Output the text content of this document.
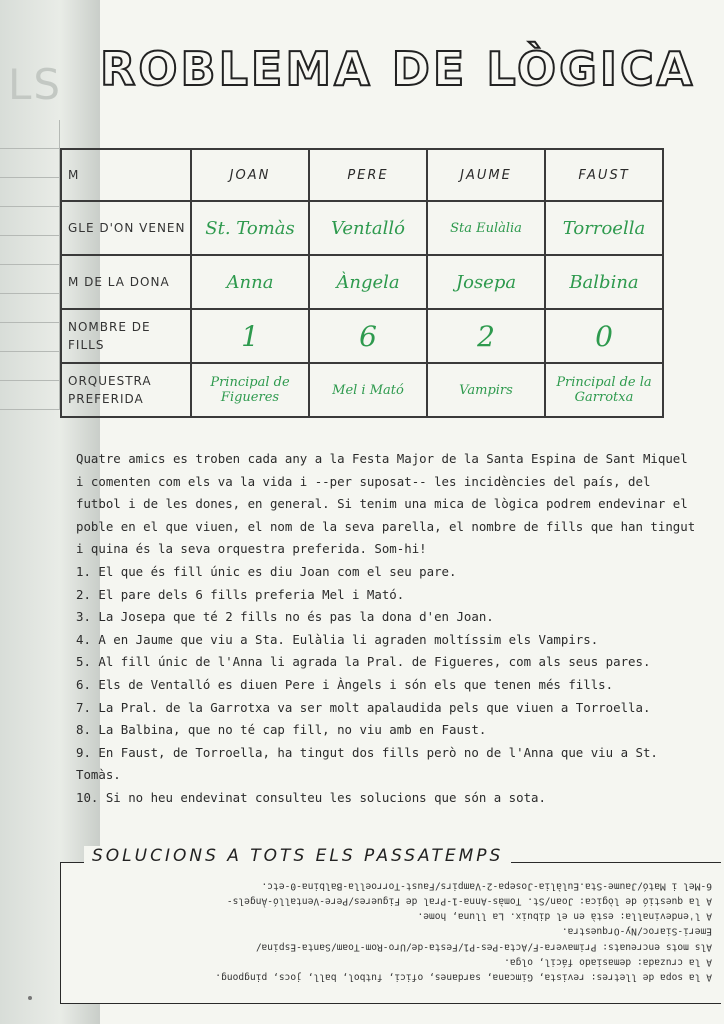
LS ROBLEMA DE LÒGICA
M	JOAN	PERE	JAUME	FAUST
GLE D'ON VENEN	St. Tomàs	Ventalló	Sta Eulàlia	Torroella
M DE LA DONA	Anna	Àngela	Josepa	Balbina
NOMBRE DE FILLS	1	6	2	0
ORQUESTRA PREFERIDA	Principal de Figueres	Mel i Mató	Vampirs	Principal de la Garrotxa

Quatre amics es troben cada any a la Festa Major de la Santa Espina de Sant Miquel i comenten com els va la vida i --per suposat-- les incidències del país, del futbol i de les dones, en general. Si tenim una mica de lògica podrem endevinar el poble en el que viuen, el nom de la seva parella, el nombre de fills que han tingut i quina és la seva orquestra preferida. Som-hi!

1. El que és fill únic es diu Joan com el seu pare.
2. El pare dels 6 fills preferia Mel i Mató.
3. La Josepa que té 2 fills no és pas la dona d'en Joan.
4. A en Jaume que viu a Sta. Eulàlia li agraden moltíssim els Vampirs.
5. Al fill únic de l'Anna li agrada la Pral. de Figueres, com als seus pares.
6. Els de Ventalló es diuen Pere i Àngels i són els que tenen més fills.
7. La Pral. de la Garrotxa va ser molt apalaudida pels que viuen a Torroella.
8. La Balbina, que no té cap fill, no viu amb en Faust.
9. En Faust, de Torroella, ha tingut dos fills però no de l'Anna que viu a St. Tomàs.
10. Si no heu endevinat consulteu les solucions que són a sota.
SOLUCIONS A TOTS ELS PASSATEMPS
A la sopa de lletres: revista, Gimcana, sardanes, ofici, futbol, ball, jocs, pingpong.
A la cruzada: demasiado fácil, olga.
Als mots encreuats: Primavera-F/Acta-Pes-P1/Festa-de/Uro-Rom-Toam/Santa-Espina/
Emeri-Siaroc/Ny-Orquestra.
A l'endevinalla: està en el dibuix. La lluna, home.
A la questió de lògica: Joan/St. Tomàs-Anna-1-Pral de Figueres/Pere-Ventalló-Àngels-
6-Mel i Mató/Jaume-Sta.Eulàlia-Josepa-2-Vampirs/Faust-Torroella-Balbina-0-etc.
